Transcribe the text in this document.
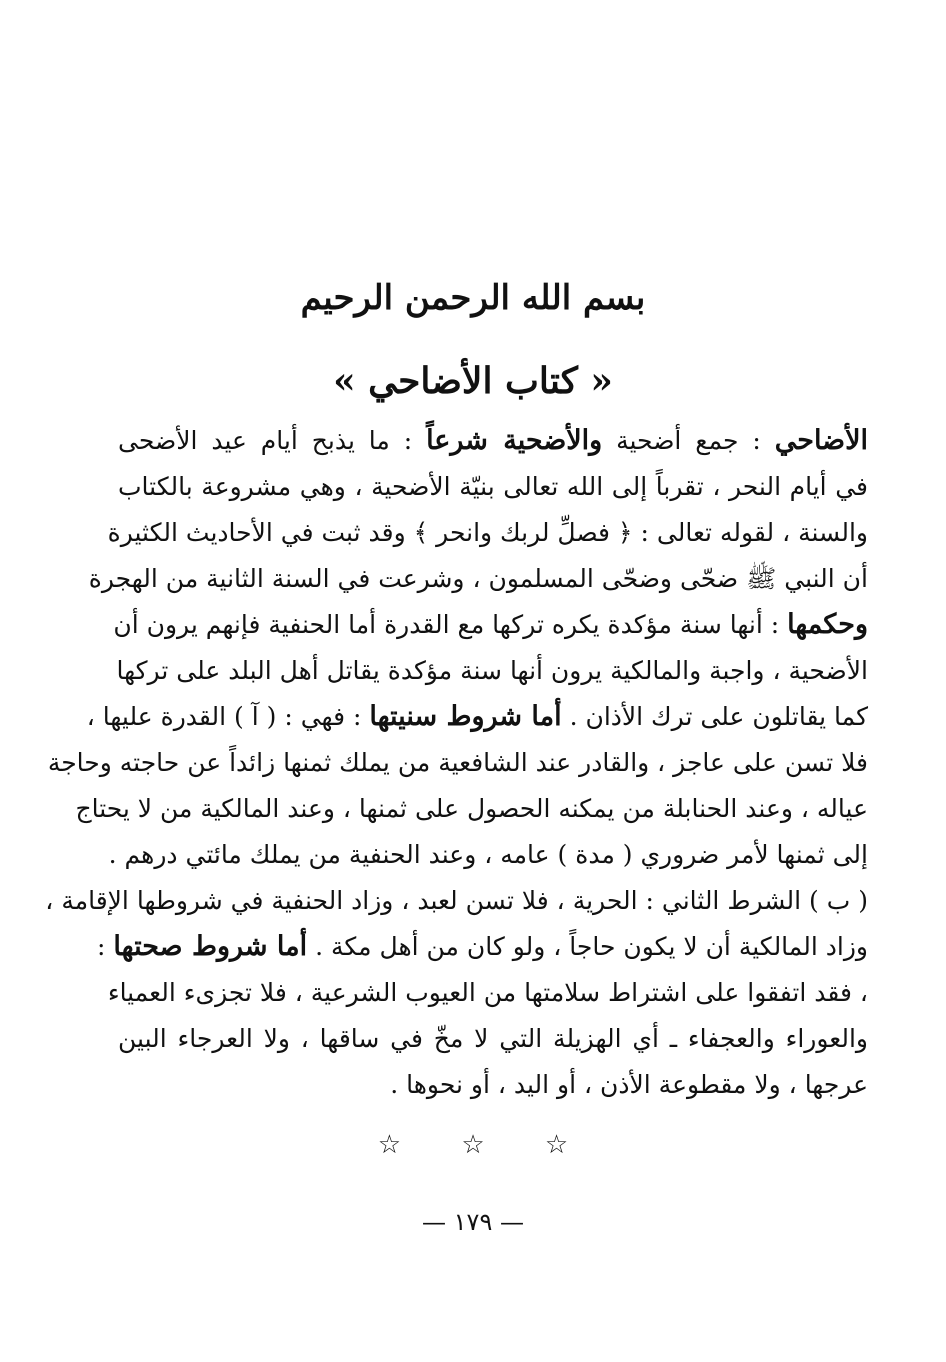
بسم الله الرحمن الرحيم
« كتاب الأضاحي »
الأضاحي : جمع أضحية والأضحية شرعاً : ما يذبح أيام عيد الأضحى
في أيام النحر ، تقرباً إلى الله تعالى بنيّة الأضحية ، وهي مشروعة بالكتاب
والسنة ، لقوله تعالى : ﴿ فصلِّ لربك وانحر ﴾ وقد ثبت في الأحاديث الكثيرة
أن النبي ﷺ ضحّى وضحّى المسلمون ، وشرعت في السنة الثانية من الهجرة
وحكمها : أنها سنة مؤكدة يكره تركها مع القدرة أما الحنفية فإنهم يرون أن
الأضحية ، واجبة والمالكية يرون أنها سنة مؤكدة يقاتل أهل البلد على تركها
كما يقاتلون على ترك الأذان . أما شروط سنيتها : فهي : ( آ ) القدرة عليها ،
فلا تسن على عاجز ، والقادر عند الشافعية من يملك ثمنها زائداً عن حاجته وحاجة
عياله ، وعند الحنابلة من يمكنه الحصول على ثمنها ، وعند المالكية من لا يحتاج
إلى ثمنها لأمر ضروري ( مدة ) عامه ، وعند الحنفية من يملك مائتي درهم .
( ب ) الشرط الثاني : الحرية ، فلا تسن لعبد ، وزاد الحنفية في شروطها الإقامة ،
وزاد المالكية أن لا يكون حاجاً ، ولو كان من أهل مكة . أما شروط صحتها :
، فقد اتفقوا على اشتراط سلامتها من العيوب الشرعية ، فلا تجزىء العمياء
والعوراء والعجفاء ـ أي الهزيلة التي لا مخّ في ساقها ، ولا العرجاء البين
عرجها ، ولا مقطوعة الأذن ، أو اليد ، أو نحوها .
☆ ☆ ☆
— ١٧٩ —
